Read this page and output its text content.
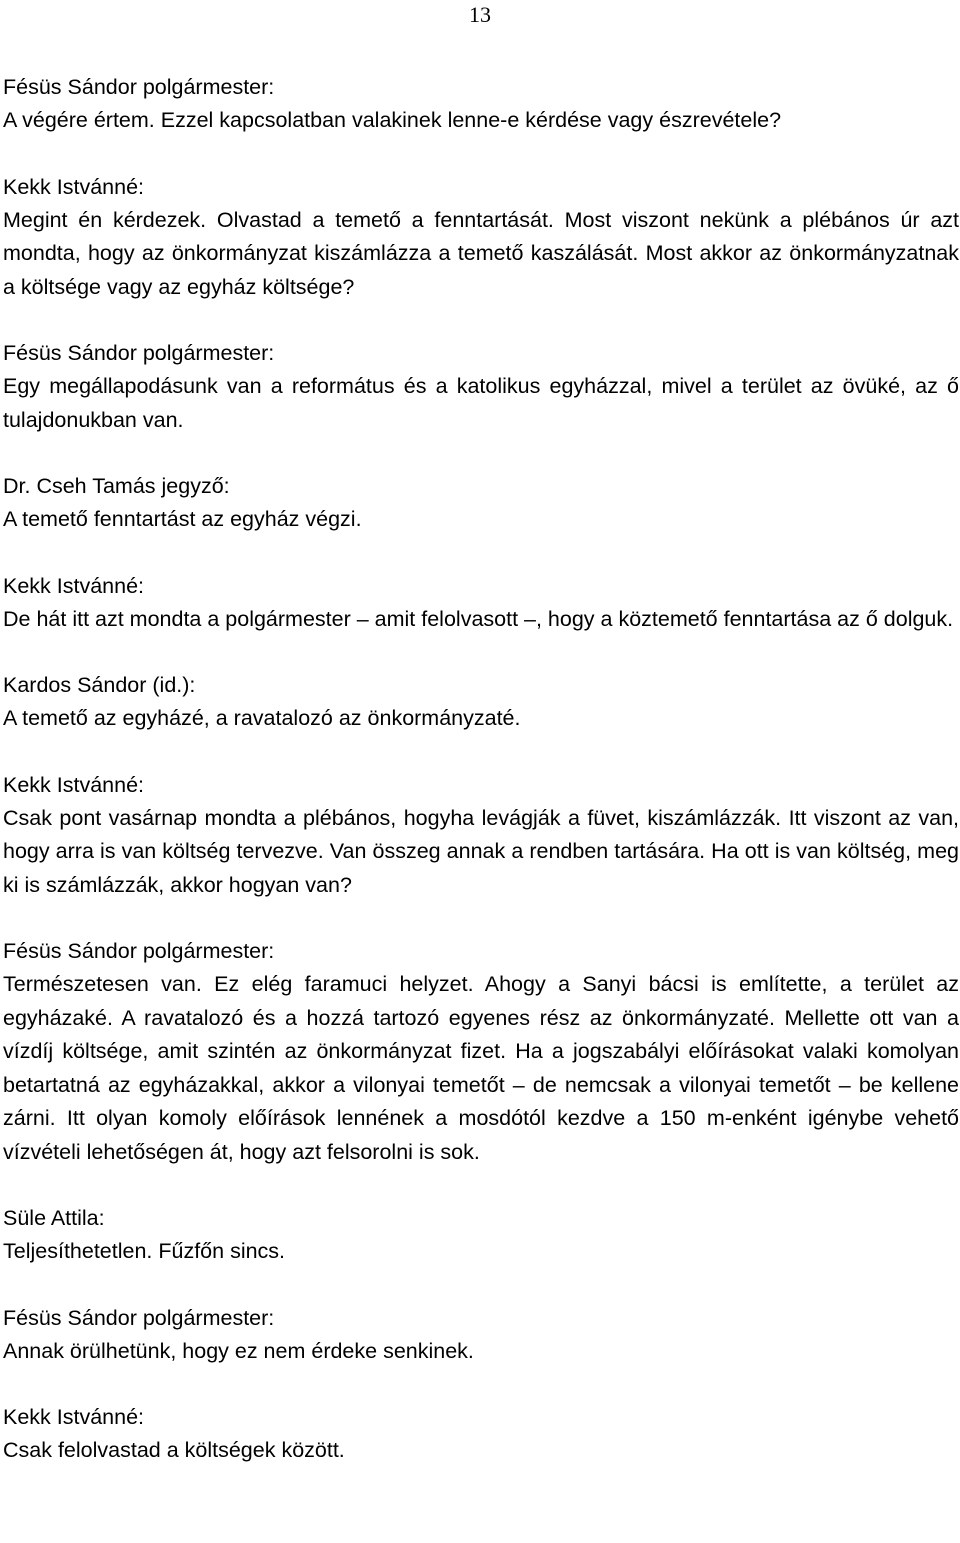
13
Fésüs Sándor polgármester:
A végére értem. Ezzel kapcsolatban valakinek lenne-e kérdése vagy észrevétele?
Kekk Istvánné:
Megint én kérdezek. Olvastad a temető a fenntartását. Most viszont nekünk a plébános úr azt mondta, hogy az önkormányzat kiszámlázza a temető kaszálását. Most akkor az önkormányzatnak a költsége vagy az egyház költsége?
Fésüs Sándor polgármester:
Egy megállapodásunk van a református és a katolikus egyházzal, mivel a terület az övüké, az ő tulajdonukban van.
Dr. Cseh Tamás jegyző:
A temető fenntartást az egyház végzi.
Kekk Istvánné:
De hát itt azt mondta a polgármester – amit felolvasott –, hogy a köztemető fenntartása az ő dolguk.
Kardos Sándor (id.):
A temető az egyházé, a ravatalozó az önkormányzaté.
Kekk Istvánné:
Csak pont vasárnap mondta a plébános, hogyha levágják a füvet, kiszámlázzák. Itt viszont az van, hogy arra is van költség tervezve. Van összeg annak a rendben tartására. Ha ott is van költség, meg ki is számlázzák, akkor hogyan van?
Fésüs Sándor polgármester:
Természetesen van. Ez elég faramuci helyzet. Ahogy a Sanyi bácsi is említette, a terület az egyházaké. A ravatalozó és a hozzá tartozó egyenes rész az önkormányzaté. Mellette ott van a vízdíj költsége, amit szintén az önkormányzat fizet. Ha a jogszabályi előírásokat valaki komolyan betartatná az egyházakkal, akkor a vilonyai temetőt – de nemcsak a vilonyai temetőt – be kellene zárni. Itt olyan komoly előírások lennének a mosdótól kezdve a 150 m-enként igénybe vehető vízvételi lehetőségen át, hogy azt felsorolni is sok.
Süle Attila:
Teljesíthetetlen. Fűzfőn sincs.
Fésüs Sándor polgármester:
Annak örülhetünk, hogy ez nem érdeke senkinek.
Kekk Istvánné:
Csak felolvastad a költségek között.
